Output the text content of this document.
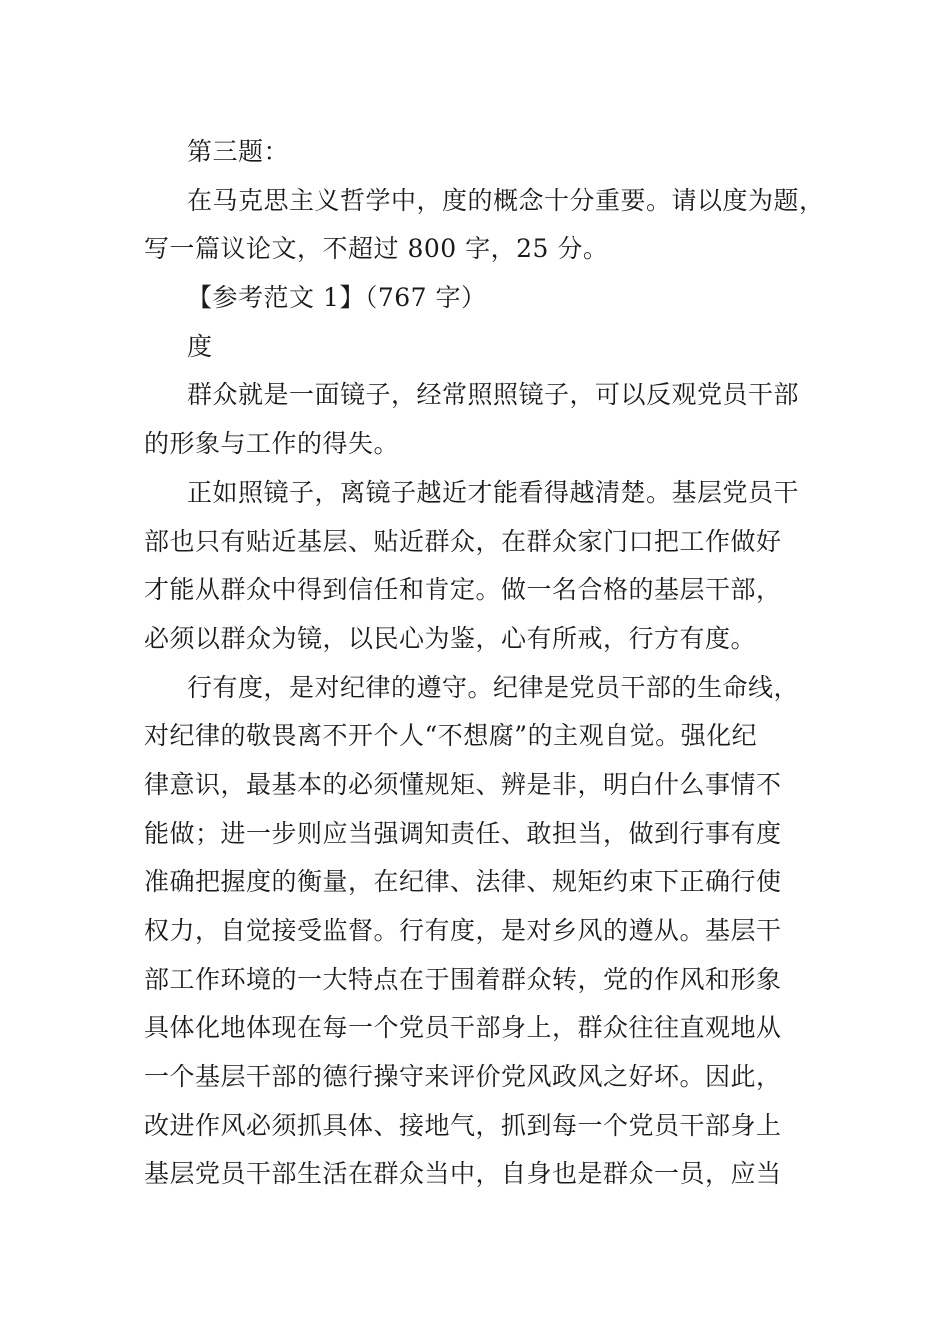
第三题：
在马克思主义哲学中，度的概念十分重要。请以度为题，
写一篇议论文，不超过 800 字，25 分。
【参考范文 1】（767 字）
度
群众就是一面镜子，经常照照镜子，可以反观党员干部
的形象与工作的得失。
正如照镜子，离镜子越近才能看得越清楚。基层党员干
部也只有贴近基层、贴近群众，在群众家门口把工作做好
才能从群众中得到信任和肯定。做一名合格的基层干部，
必须以群众为镜，以民心为鉴，心有所戒，行方有度。
行有度，是对纪律的遵守。纪律是党员干部的生命线，
对纪律的敬畏离不开个人“不想腐”的主观自觉。强化纪
律意识，最基本的必须懂规矩、辨是非，明白什么事情不
能做；进一步则应当强调知责任、敢担当，做到行事有度
准确把握度的衡量，在纪律、法律、规矩约束下正确行使
权力，自觉接受监督。行有度，是对乡风的遵从。基层干
部工作环境的一大特点在于围着群众转，党的作风和形象
具体化地体现在每一个党员干部身上，群众往往直观地从
一个基层干部的德行操守来评价党风政风之好坏。因此，
改进作风必须抓具体、接地气，抓到每一个党员干部身上
基层党员干部生活在群众当中，自身也是群众一员，应当
